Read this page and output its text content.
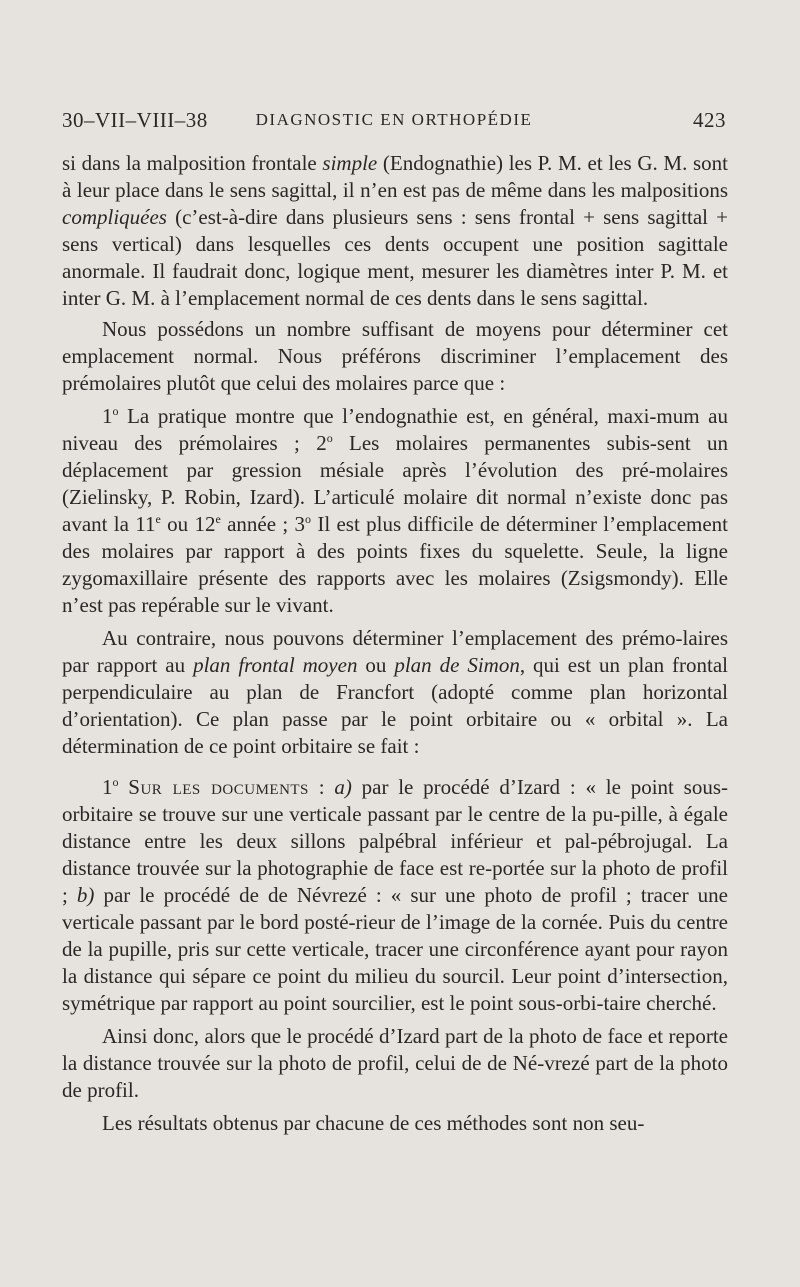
30–VII–VIII–38	DIAGNOSTIC EN ORTHOPÉDIE	423

si dans la malposition frontale simple (Endognathie) les P. M. et les G. M. sont à leur place dans le sens sagittal, il n’en est pas de même dans les malpositions compliquées (c’est-à-dire dans plusieurs sens : sens frontal + sens sagittal + sens vertical) dans lesquelles ces dents occupent une position sagittale anormale. Il faudrait donc, logique ment, mesurer les diamètres inter P. M. et inter G. M. à l’emplacement normal de ces dents dans le sens sagittal.

Nous possédons un nombre suffisant de moyens pour déterminer cet emplacement normal. Nous préférons discriminer l’emplacement des prémolaires plutôt que celui des molaires parce que :

1$^o$ La pratique montre que l’endognathie est, en général, maxi-mum au niveau des prémolaires ; 2$^o$ Les molaires permanentes subis-sent un déplacement par gression mésiale après l’évolution des pré-molaires (Zielinsky, P. Robin, Izard). L’articulé molaire dit normal n’existe donc pas avant la 11e ou 12e année ; 3$^o$ Il est plus difficile de déterminer l’emplacement des molaires par rapport à des points fixes du squelette. Seule, la ligne zygomaxillaire présente des rapports avec les molaires (Zsigsmondy). Elle n’est pas repérable sur le vivant.

Au contraire, nous pouvons déterminer l’emplacement des prémo-laires par rapport au plan frontal moyen ou plan de Simon, qui est un plan frontal perpendiculaire au plan de Francfort (adopté comme plan horizontal d’orientation). Ce plan passe par le point orbitaire ou « orbital ». La détermination de ce point orbitaire se fait :

1$^o$ Sur les documents : a) par le procédé d’Izard : « le point sous-orbitaire se trouve sur une verticale passant par le centre de la pu-pille, à égale distance entre les deux sillons palpébral inférieur et pal-pébrojugal. La distance trouvée sur la photographie de face est re-portée sur la photo de profil ; b) par le procédé de de Névrezé : « sur une photo de profil ; tracer une verticale passant par le bord posté-rieur de l’image de la cornée. Puis du centre de la pupille, pris sur cette verticale, tracer une circonférence ayant pour rayon la distance qui sépare ce point du milieu du sourcil. Leur point d’intersection, symétrique par rapport au point sourcilier, est le point sous-orbi-taire cherché.

Ainsi donc, alors que le procédé d’Izard part de la photo de face et reporte la distance trouvée sur la photo de profil, celui de de Né-vrezé part de la photo de profil.

Les résultats obtenus par chacune de ces méthodes sont non seu-
